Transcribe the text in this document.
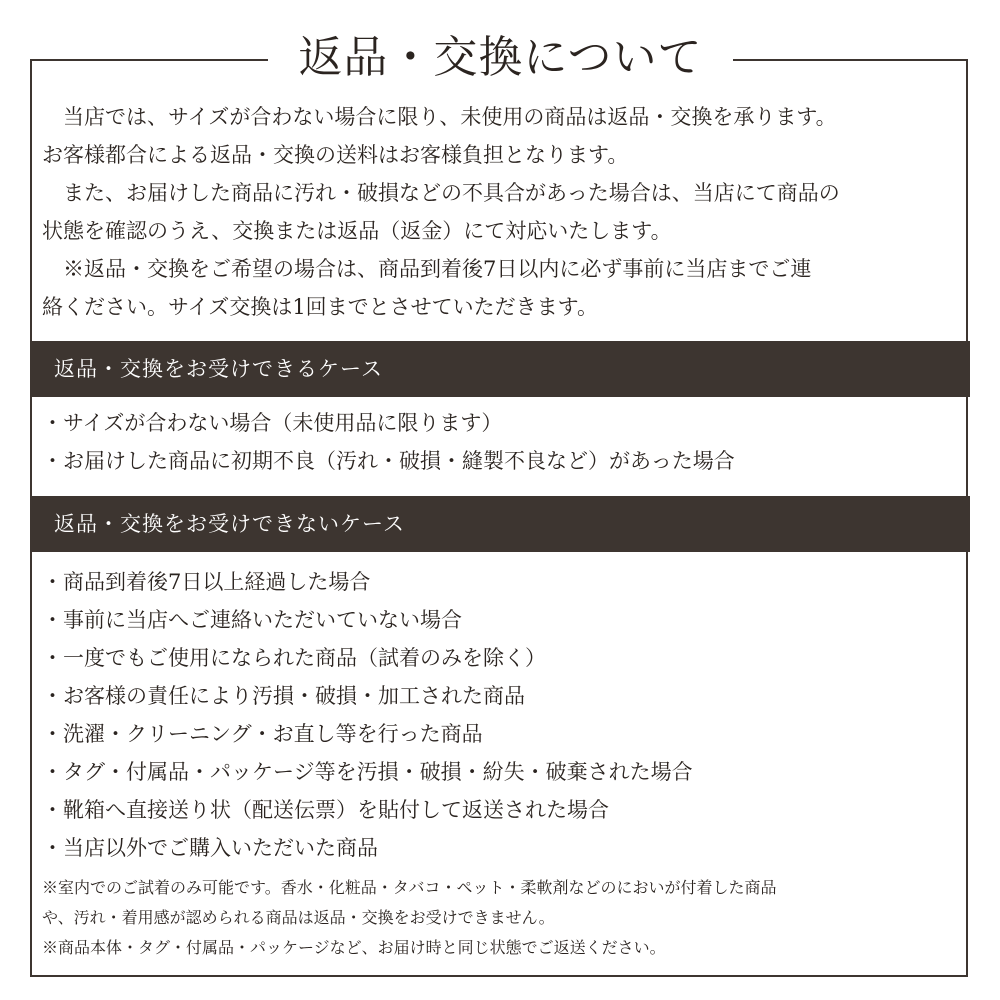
返品・交換について
　当店では、サイズが合わない場合に限り、未使用の商品は返品・交換を承ります。
お客様都合による返品・交換の送料はお客様負担となります。
　また、お届けした商品に汚れ・破損などの不具合があった場合は、当店にて商品の
状態を確認のうえ、交換または返品（返金）にて対応いたします。
　※返品・交換をご希望の場合は、商品到着後7日以内に必ず事前に当店までご連
絡ください。サイズ交換は1回までとさせていただきます。
返品・交換をお受けできるケース
・サイズが合わない場合（未使用品に限ります）
・お届けした商品に初期不良（汚れ・破損・縫製不良など）があった場合
返品・交換をお受けできないケース
・商品到着後7日以上経過した場合
・事前に当店へご連絡いただいていない場合
・一度でもご使用になられた商品（試着のみを除く）
・お客様の責任により汚損・破損・加工された商品
・洗濯・クリーニング・お直し等を行った商品
・タグ・付属品・パッケージ等を汚損・破損・紛失・破棄された場合
・靴箱へ直接送り状（配送伝票）を貼付して返送された場合
・当店以外でご購入いただいた商品
※室内でのご試着のみ可能です。香水・化粧品・タバコ・ペット・柔軟剤などのにおいが付着した商品
や、汚れ・着用感が認められる商品は返品・交換をお受けできません。
※商品本体・タグ・付属品・パッケージなど、お届け時と同じ状態でご返送ください。
